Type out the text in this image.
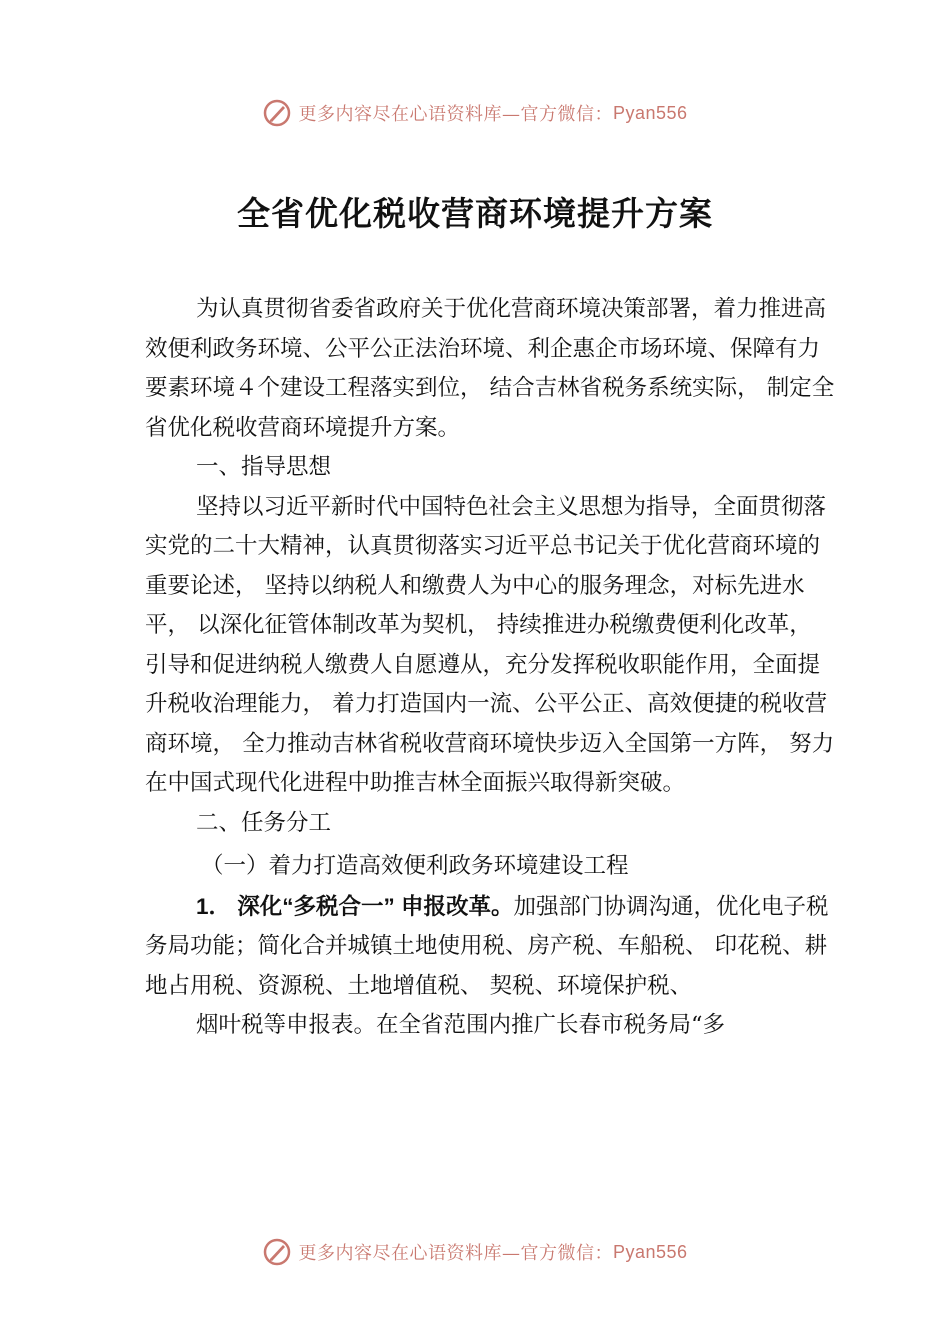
更多内容尽在心语资料库—官方微信： Pyan556
全省优化税收营商环境提升方案

为认真贯彻省委省政府关于优化营商环境决策部署，着力推进高效便利政务环境、公平公正法治环境、利企惠企市场环境、保障有力要素环境４个建设工程落实到位， 结合吉林省税务系统实际， 制定全省优化税收营商环境提升方案。

一、指导思想

坚持以习近平新时代中国特色社会主义思想为指导，全面贯彻落实党的二十大精神，认真贯彻落实习近平总书记关于优化营商环境的重要论述， 坚持以纳税人和缴费人为中心的服务理念，对标先进水平， 以深化征管体制改革为契机， 持续推进办税缴费便利化改革， 引导和促进纳税人缴费人自愿遵从，充分发挥税收职能作用，全面提升税收治理能力， 着力打造国内一流、公平公正、高效便捷的税收营商环境， 全力推动吉林省税收营商环境快步迈入全国第一方阵， 努力在中国式现代化进程中助推吉林全面振兴取得新突破。

二、任务分工

（一）着力打造高效便利政务环境建设工程

1． 深化“多税合一” 申报改革。加强部门协调沟通，优化电子税务局功能；简化合并城镇土地使用税、房产税、车船税、 印花税、耕地占用税、资源税、土地增值税、 契税、环境保护税、

烟叶税等申报表。在全省范围内推广长春市税务局“多

更多内容尽在心语资料库—官方微信： Pyan556
